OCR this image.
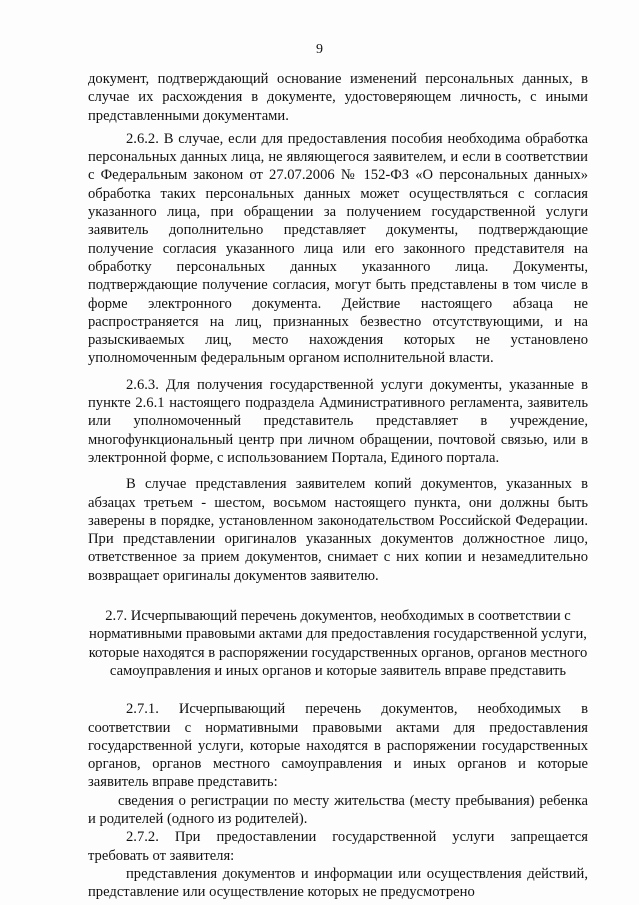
9

документ, подтверждающий основание изменений персональных данных, в случае их расхождения в документе, удостоверяющем личность, с иными представленными документами.

2.6.2. В случае, если для предоставления пособия необходима обработка персональных данных лица, не являющегося заявителем, и если в соответствии с Федеральным законом от 27.07.2006 № 152-ФЗ «О персональных данных» обработка таких персональных данных может осуществляться с согласия указанного лица, при обращении за получением государственной услуги заявитель дополнительно представляет документы, подтверждающие получение согласия указанного лица или его законного представителя на обработку персональных данных указанного лица. Документы, подтверждающие получение согласия, могут быть представлены в том числе в форме электронного документа. Действие настоящего абзаца не распространяется на лиц, признанных безвестно отсутствующими, и на разыскиваемых лиц, место нахождения которых не установлено уполномоченным федеральным органом исполнительной власти.

2.6.3. Для получения государственной услуги документы, указанные в пункте 2.6.1 настоящего подраздела Административного регламента, заявитель или уполномоченный представитель представляет в учреждение, многофункциональный центр при личном обращении, почтовой связью, или в электронной форме, с использованием Портала, Единого портала.

В случае представления заявителем копий документов, указанных в абзацах третьем - шестом, восьмом настоящего пункта, они должны быть заверены в порядке, установленном законодательством Российской Федерации. При представлении оригиналов указанных документов должностное лицо, ответственное за прием документов, снимает с них копии и незамедлительно возвращает оригиналы документов заявителю.

2.7. Исчерпывающий перечень документов, необходимых в соответствии с нормативными правовыми актами для предоставления государственной услуги, которые находятся в распоряжении государственных органов, органов местного самоуправления и иных органов и которые заявитель вправе представить

2.7.1. Исчерпывающий перечень документов, необходимых в соответствии с нормативными правовыми актами для предоставления государственной услуги, которые находятся в распоряжении государственных органов, органов местного самоуправления и иных органов и которые заявитель вправе представить:

сведения о регистрации по месту жительства (месту пребывания) ребенка и родителей (одного из родителей).

2.7.2. При предоставлении государственной услуги запрещается требовать от заявителя:

представления документов и информации или осуществления действий, представление или осуществление которых не предусмотрено
